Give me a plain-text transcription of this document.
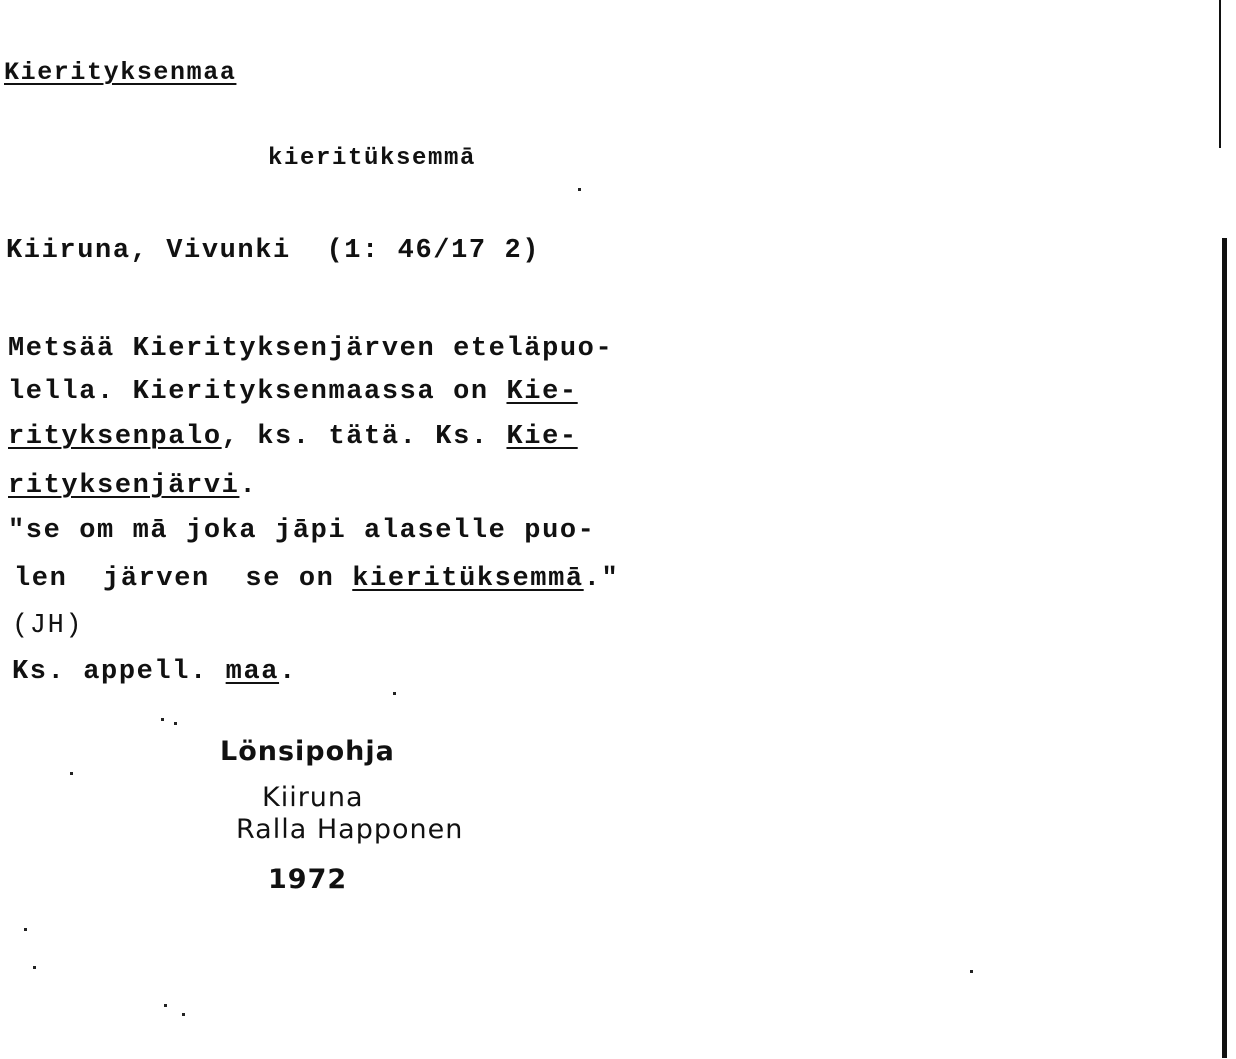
Kierityksenmaa
kieritüksemmā
Kiiruna, Vivunki  (1: 46/17 2)
Metsää Kierityksenjärven eteläpuo-
lella. Kierityksenmaassa on Kie-
rityksenpalo, ks. tätä. Ks. Kie-
rityksenjärvi.
"se om mā joka jāpi alaselle puo-
len  järven  se on kieritüksemmā."
(JH)
Ks. appell. maa.
Lönsipohja
Kiiruna
Ralla Happonen
1972
